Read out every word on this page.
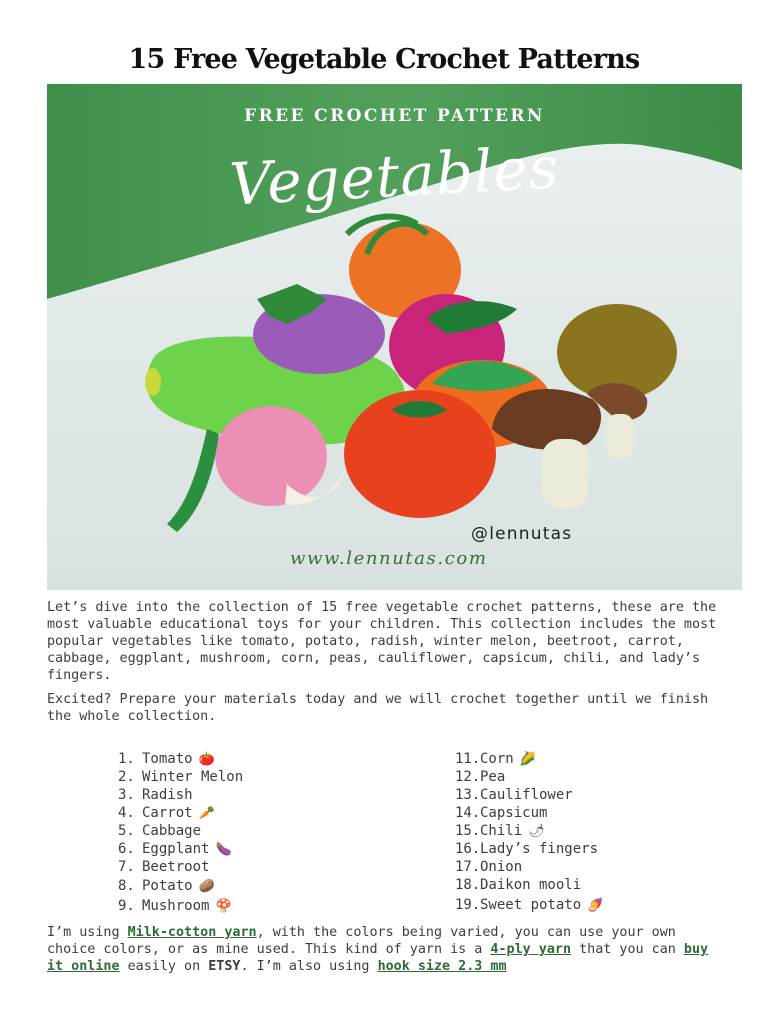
15 Free Vegetable Crochet Patterns
FREE CROCHET PATTERN
Vegetables
@lennutas
www.lennutas.com

Let’s dive into the collection of 15 free vegetable crochet patterns, these are the most valuable educational toys for your children. This collection includes the most popular vegetables like tomato, potato, radish, winter melon, beetroot, carrot, cabbage, eggplant, mushroom, corn, peas, cauliflower, capsicum, chili, and lady’s fingers.

Excited? Prepare your materials today and we will crochet together until we finish the whole collection.

1. Tomato 🍅
2. Winter Melon
3. Radish
4. Carrot 🥕
5. Cabbage
6. Eggplant 🍆
7. Beetroot
8. Potato 🥔
9. Mushroom 🍄
11.Corn 🌽
12.Pea
13.Cauliflower
14.Capsicum
15.Chili 🌶
16.Lady’s fingers
17.Onion
18.Daikon mooli
19.Sweet potato 🍠

I’m using Milk-cotton yarn, with the colors being varied, you can use your own choice colors, or as mine used. This kind of yarn is a 4-ply yarn that you can buy it online easily on ETSY. I’m also using hook size 2.3 mm
